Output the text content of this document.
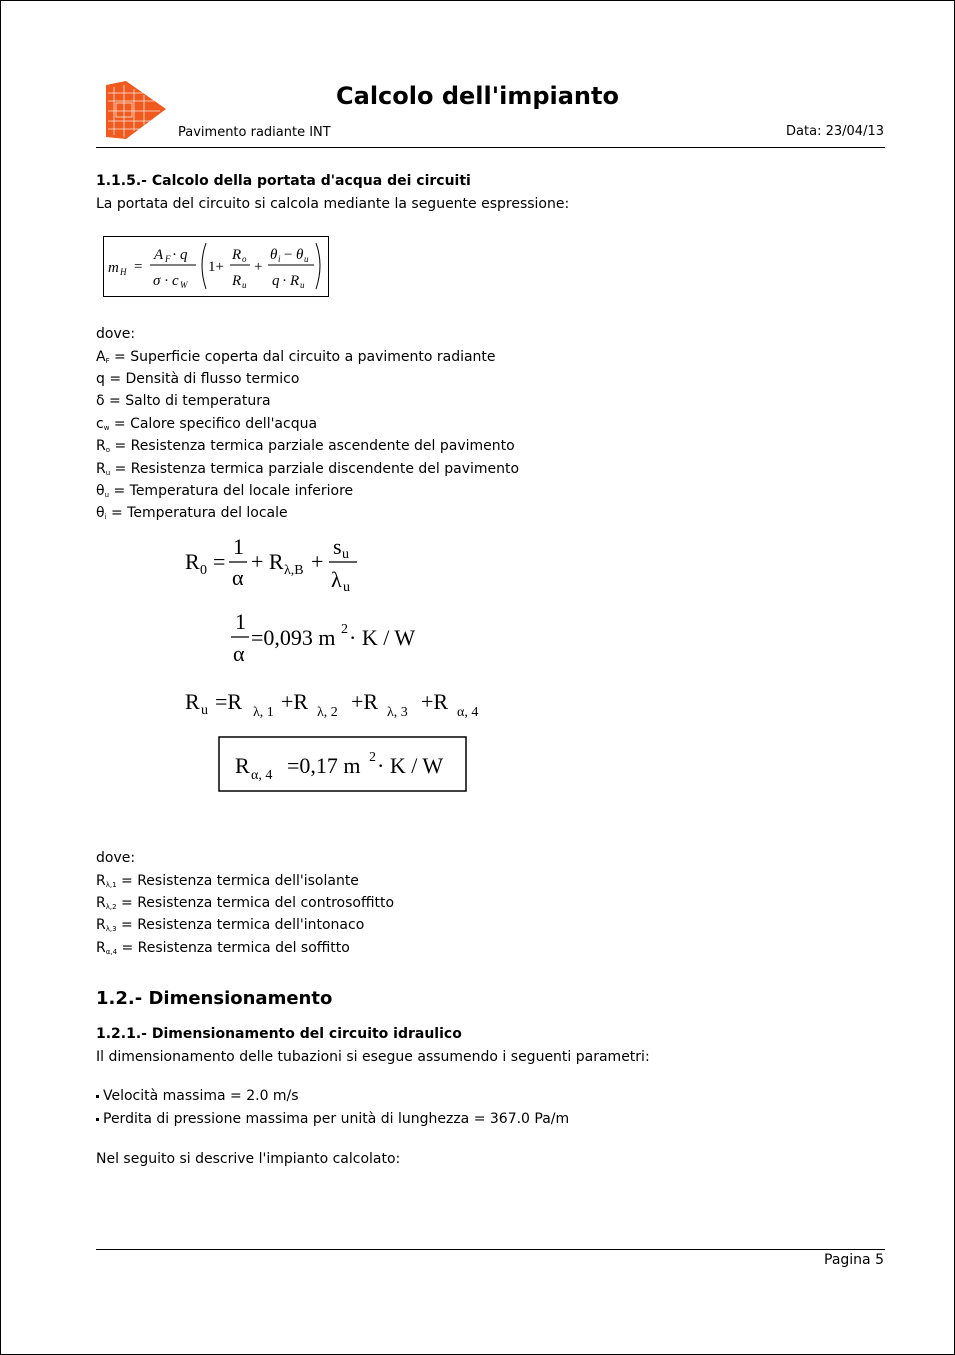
Calcolo dell'impianto
Pavimento radiante INT	Data: 23/04/13
1.1.5.- Calcolo della portata d'acqua dei circuiti
La portata del circuito si calcola mediante la seguente espressione:
m H =
A F · q
σ · c W
1+
R o
R u
+
θ i − θ u
q · R u
dove:
$A_F$ = Superficie coperta dal circuito a pavimento radiante
q = Densità di flusso termico
δ = Salto di temperatura
$c_w$ = Calore specifico dell'acqua
$R_o$ = Resistenza termica parziale ascendente del pavimento
$R_u$ = Resistenza termica parziale discendente del pavimento
$\theta_u$ = Temperatura del locale inferiore
$\theta_i$ = Temperatura del locale
R 0 =
1
α
+ R λ,B +
s u
λ u
1
α
=0,093 m 2 · K / W
R u =R λ, 1 +R λ, 2 +R λ, 3 +R α, 4
R α, 4 =0,17 m 2 · K / W
dove:
$R_{\lambda,1}$ = Resistenza termica dell'isolante
$R_{\lambda,2}$ = Resistenza termica del controsoffitto
$R_{\lambda,3}$ = Resistenza termica dell'intonaco
$R_{\alpha,4}$ = Resistenza termica del soffitto
1.2.- Dimensionamento
1.2.1.- Dimensionamento del circuito idraulico
Il dimensionamento delle tubazioni si esegue assumendo i seguenti parametri:
Velocità massima = 2.0 m/s
Perdita di pressione massima per unità di lunghezza = 367.0 Pa/m
Nel seguito si descrive l'impianto calcolato:
Pagina 5
